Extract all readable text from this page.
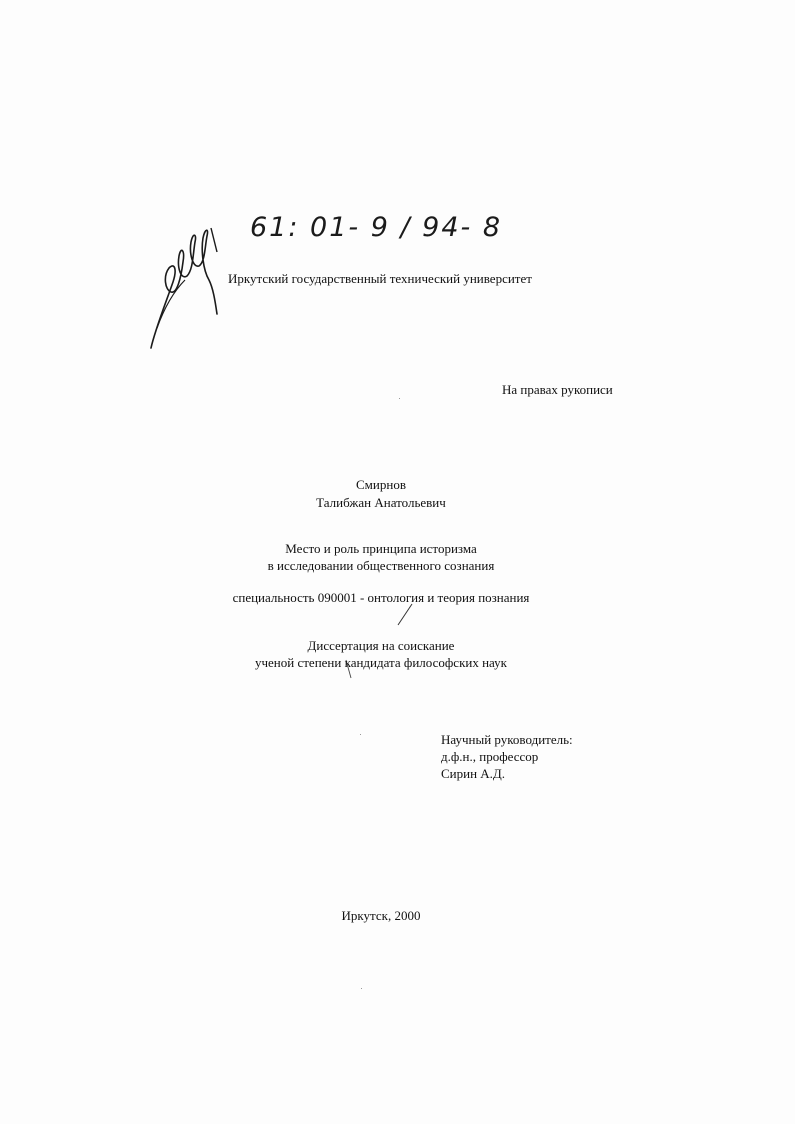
61: 01- 9 / 94- 8
Иркутский государственный технический университет
На правах рукописи
Смирнов
Талибжан Анатольевич
Место и роль принципа историзма
в исследовании общественного сознания
специальность 090001 - онтология и теория познания
Диссертация на соискание
ученой степени кандидата философских наук
Научный руководитель:
д.ф.н., профессор
Сирин А.Д.
Иркутск, 2000
